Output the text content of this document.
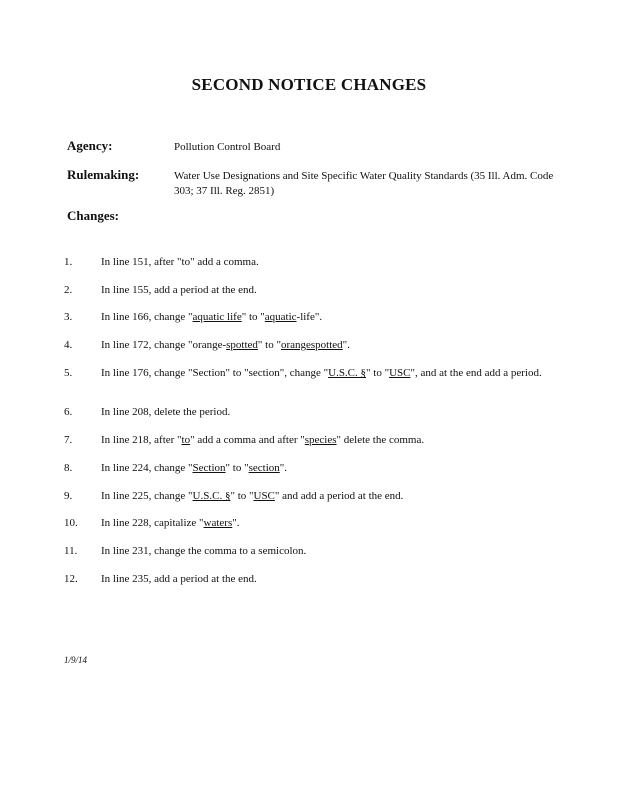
SECOND NOTICE CHANGES
Agency:	Pollution Control Board
Rulemaking:	Water Use Designations and Site Specific Water Quality Standards (35 Ill. Adm. Code 303; 37 Ill. Reg. 2851)
Changes:
1.	In line 151, after "to" add a comma.
2.	In line 155, add a period at the end.
3.	In line 166, change "aquatic life" to "aquatic-life".
4.	In line 172, change "orange-spotted" to "orangespotted".
5.	In line 176, change "Section" to "section", change "U.S.C. §" to "USC", and at the end add a period.
6.	In line 208, delete the period.
7.	In line 218, after "to" add a comma and after "species" delete the comma.
8.	In line 224, change "Section" to "section".
9.	In line 225, change "U.S.C. §" to "USC" and add a period at the end.
10. In line 228, capitalize "waters".
11. In line 231, change the comma to a semicolon.
12. In line 235, add a period at the end.
1/9/14
